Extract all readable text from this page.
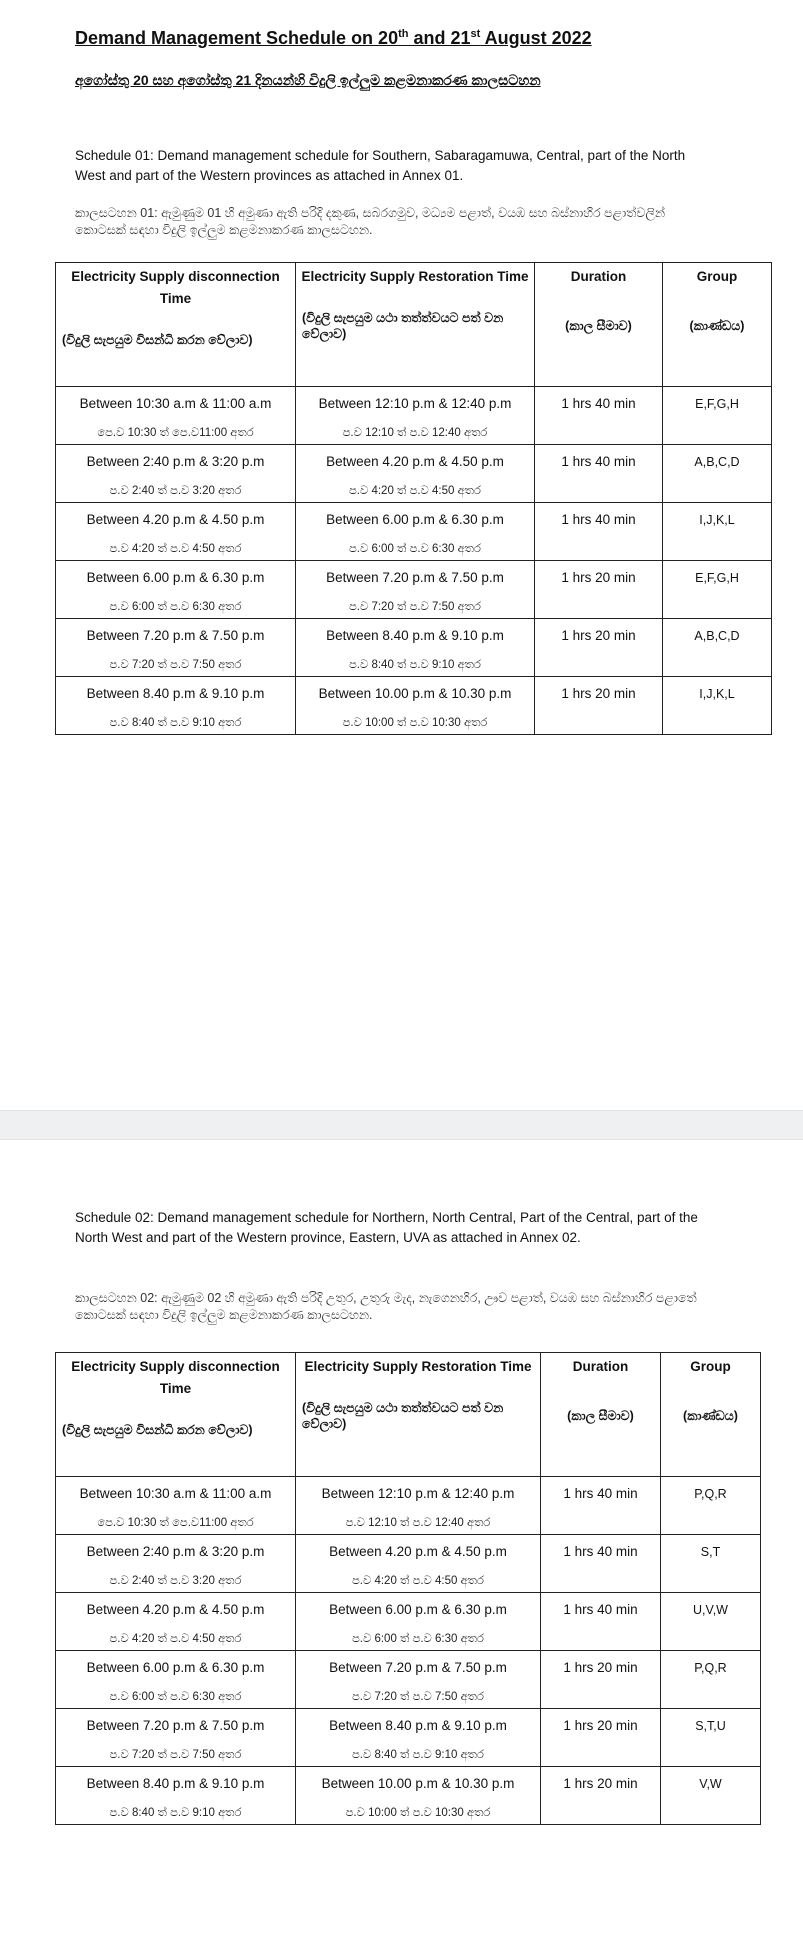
Demand Management Schedule on 20th and 21st August 2022
අගෝස්තු 20 සහ අගෝස්තු 21 දිනයන්හි විදුලි ඉල්ලුම කළමනාකරණ කාලසටහන
Schedule 01: Demand management schedule for Southern, Sabaragamuwa, Central, part of the North West and part of the Western provinces as attached in Annex 01.
කාලසටහන 01: ඇමුණුම 01 හි අමුණා ඇති පරිදි දකුණ, සබරගමුව, මධ්‍යම පළාත්, වයඹ සහ බස්නාහිර පළාත්වලින් කොටසක් සඳහා විදුලි ඉල්ලුම කළමනාකරණ කාලසටහන.
Electricity Supply disconnection Time
(විදුලි සැපයුම විසන්ධි කරන වේලාව)	Electricity Supply Restoration Time
(විදුලි සැපයුම යථා තත්ත්වයට පත් වන වේලාව)	Duration
(කාල සීමාව)	Group
(කාණ්ඩය)

Between 10:30 a.m & 11:00 a.m
පෙ.ව 10:30 ත් පෙ.ව11:00 අතර	Between 12:10 p.m & 12:40 p.m
ප.ව 12:10 ත් ප.ව 12:40 අතර	1 hrs 40 min	E,F,G,H

Between 2:40 p.m & 3:20 p.m
ප.ව 2:40 ත් ප.ව 3:20 අතර	Between 4.20 p.m & 4.50 p.m
ප.ව 4:20 ත් ප.ව 4:50 අතර	1 hrs 40 min	A,B,C,D

Between 4.20 p.m & 4.50 p.m
ප.ව 4:20 ත් ප.ව 4:50 අතර	Between 6.00 p.m & 6.30 p.m
ප.ව 6:00 ත් ප.ව 6:30 අතර	1 hrs 40 min	I,J,K,L

Between 6.00 p.m & 6.30 p.m
ප.ව 6:00 ත් ප.ව 6:30 අතර	Between 7.20 p.m & 7.50 p.m
ප.ව 7:20 ත් ප.ව 7:50 අතර	1 hrs 20 min	E,F,G,H

Between 7.20 p.m & 7.50 p.m
ප.ව 7:20 ත් ප.ව 7:50 අතර	Between 8.40 p.m & 9.10 p.m
ප.ව 8:40 ත් ප.ව 9:10 අතර	1 hrs 20 min	A,B,C,D

Between 8.40 p.m & 9.10 p.m
ප.ව 8:40 ත් ප.ව 9:10 අතර	Between 10.00 p.m & 10.30 p.m
ප.ව 10:00 ත් ප.ව 10:30 අතර	1 hrs 20 min	I,J,K,L
Schedule 02: Demand management schedule for Northern, North Central, Part of the Central, part of the North West and part of the Western province, Eastern, UVA as attached in Annex 02.
කාලසටහන 02: ඇමුණුම 02 හි අමුණා ඇති පරිදි උතුර, උතුරු මැද, නැගෙනහිර, ඌව පළාත්, වයඹ සහ බස්නාහිර පළාතේ කොටසක් සඳහා විදුලි ඉල්ලුම කළමනාකරණ කාලසටහන.
Electricity Supply disconnection Time
(විදුලි සැපයුම විසන්ධි කරන වේලාව)	Electricity Supply Restoration Time
(විදුලි සැපයුම යථා තත්ත්වයට පත් වන වේලාව)	Duration
(කාල සීමාව)	Group
(කාණ්ඩය)

Between 10:30 a.m & 11:00 a.m
පෙ.ව 10:30 ත් පෙ.ව11:00 අතර	Between 12:10 p.m & 12:40 p.m
ප.ව 12:10 ත් ප.ව 12:40 අතර	1 hrs 40 min	P,Q,R

Between 2:40 p.m & 3:20 p.m
ප.ව 2:40 ත් ප.ව 3:20 අතර	Between 4.20 p.m & 4.50 p.m
ප.ව 4:20 ත් ප.ව 4:50 අතර	1 hrs 40 min	S,T

Between 4.20 p.m & 4.50 p.m
ප.ව 4:20 ත් ප.ව 4:50 අතර	Between 6.00 p.m & 6.30 p.m
ප.ව 6:00 ත් ප.ව 6:30 අතර	1 hrs 40 min	U,V,W

Between 6.00 p.m & 6.30 p.m
ප.ව 6:00 ත් ප.ව 6:30 අතර	Between 7.20 p.m & 7.50 p.m
ප.ව 7:20 ත් ප.ව 7:50 අතර	1 hrs 20 min	P,Q,R

Between 7.20 p.m & 7.50 p.m
ප.ව 7:20 ත් ප.ව 7:50 අතර	Between 8.40 p.m & 9.10 p.m
ප.ව 8:40 ත් ප.ව 9:10 අතර	1 hrs 20 min	S,T,U

Between 8.40 p.m & 9.10 p.m
ප.ව 8:40 ත් ප.ව 9:10 අතර	Between 10.00 p.m & 10.30 p.m
ප.ව 10:00 ත් ප.ව 10:30 අතර	1 hrs 20 min	V,W
